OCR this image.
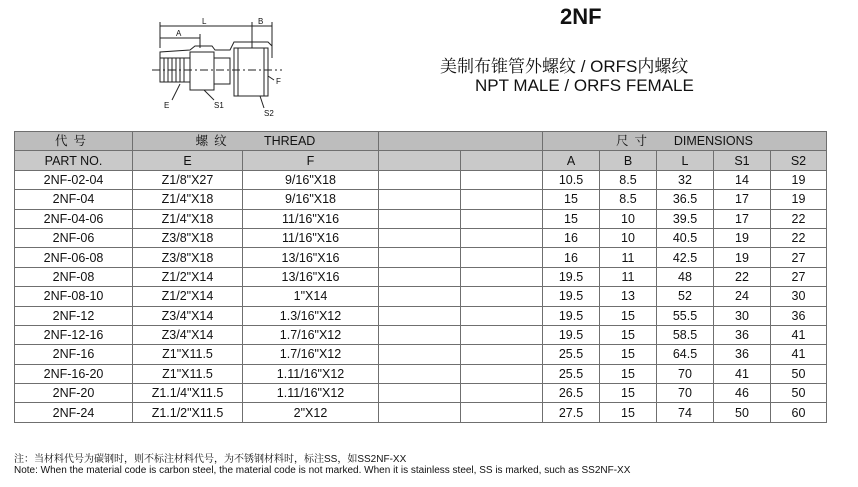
L	B
A
E	S1
S2
F
2NF
美制布锥管外螺纹 / ORFS内螺纹
NPT MALE / ORFS FEMALE
代号	螺纹 THREAD				尺寸 DIMENSIONS				
PART NO.	E	F			A	B	L	S1	S2
2NF-02-04	Z1/8"X27	9/16"X18			10.5	8.5	32	14	19
2NF-04	Z1/4"X18	9/16"X18			15	8.5	36.5	17	19
2NF-04-06	Z1/4"X18	11/16"X16			15	10	39.5	17	22
2NF-06	Z3/8"X18	11/16"X16			16	10	40.5	19	22
2NF-06-08	Z3/8"X18	13/16"X16			16	11	42.5	19	27
2NF-08	Z1/2"X14	13/16"X16			19.5	11	48	22	27
2NF-08-10	Z1/2"X14	1"X14			19.5	13	52	24	30
2NF-12	Z3/4"X14	1.3/16"X12			19.5	15	55.5	30	36
2NF-12-16	Z3/4"X14	1.7/16"X12			19.5	15	58.5	36	41
2NF-16	Z1"X11.5	1.7/16"X12			25.5	15	64.5	36	41
2NF-16-20	Z1"X11.5	1.11/16"X12			25.5	15	70	41	50
2NF-20	Z1.1/4"X11.5	1.11/16"X12			26.5	15	70	46	50
2NF-24	Z1.1/2"X11.5	2"X12			27.5	15	74	50	60
注：当材料代号为碳钢时，则不标注材料代号，为不锈钢材料时，标注SS，如SS2NF-XX
Note: When the material code is carbon steel, the material code is not marked. When it is stainless steel, SS is marked, such as SS2NF-XX
